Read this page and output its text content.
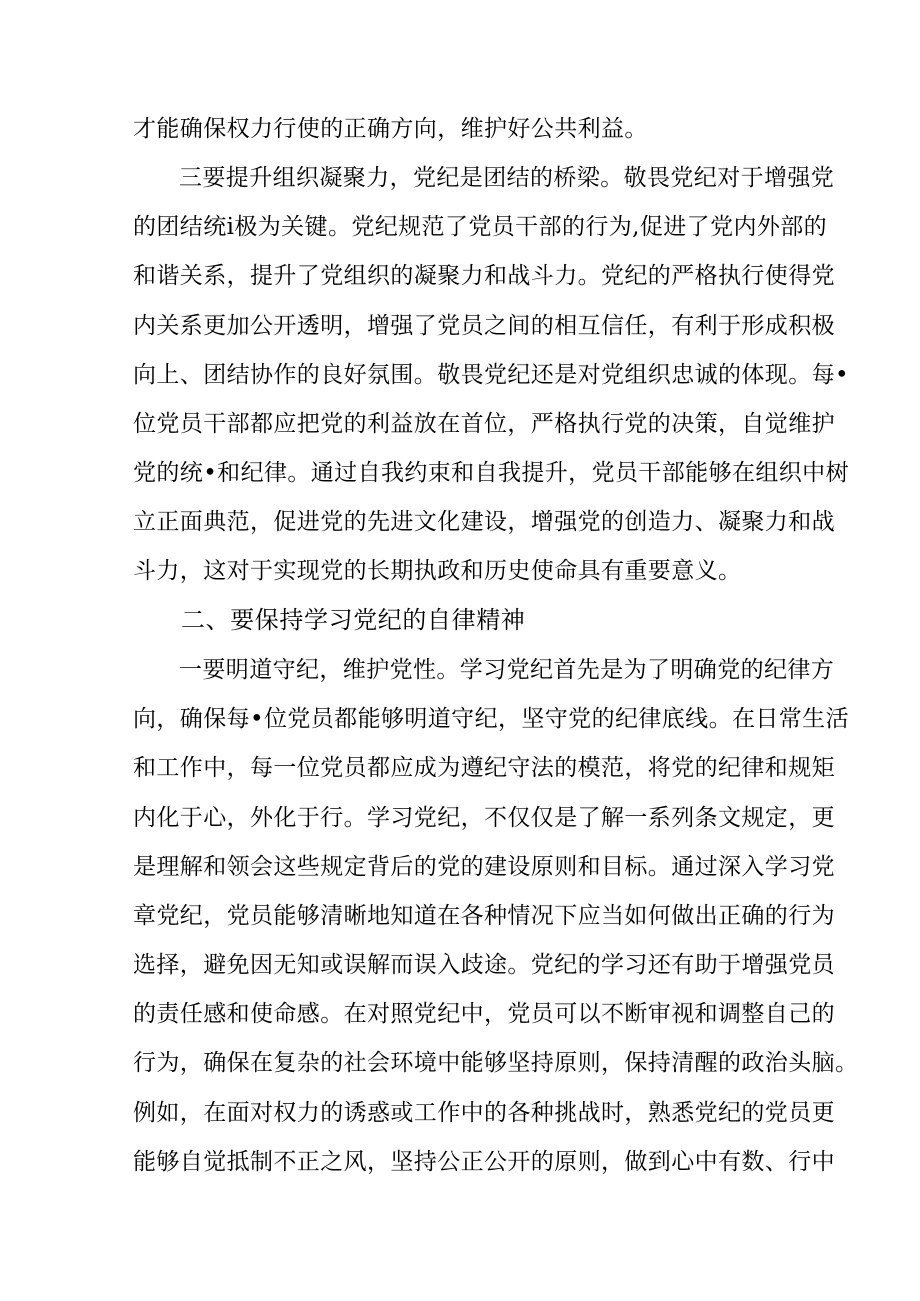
才能确保权力行使的正确方向，维护好公共利益。
三要提升组织凝聚力，党纪是团结的桥梁。敬畏党纪对于增强党
的团结统i极为关键。党纪规范了党员干部的行为,促进了党内外部的
和谐关系，提升了党组织的凝聚力和战斗力。党纪的严格执行使得党
内关系更加公开透明，增强了党员之间的相互信任，有利于形成积极
向上、团结协作的良好氛围。敬畏党纪还是对党组织忠诚的体现。每•
位党员干部都应把党的利益放在首位，严格执行党的决策，自觉维护
党的统•和纪律。通过自我约束和自我提升，党员干部能够在组织中树
立正面典范，促进党的先进文化建设，增强党的创造力、凝聚力和战
斗力，这对于实现党的长期执政和历史使命具有重要意义。
二、要保持学习党纪的自律精神
一要明道守纪，维护党性。学习党纪首先是为了明确党的纪律方
向，确保每•位党员都能够明道守纪，坚守党的纪律底线。在日常生活
和工作中，每一位党员都应成为遵纪守法的模范，将党的纪律和规矩
内化于心，外化于行。学习党纪，不仅仅是了解一系列条文规定，更
是理解和领会这些规定背后的党的建设原则和目标。通过深入学习党
章党纪，党员能够清晰地知道在各种情况下应当如何做出正确的行为
选择，避免因无知或误解而误入歧途。党纪的学习还有助于增强党员
的责任感和使命感。在对照党纪中，党员可以不断审视和调整自己的
行为，确保在复杂的社会环境中能够坚持原则，保持清醒的政治头脑。
例如，在面对权力的诱惑或工作中的各种挑战时，熟悉党纪的党员更
能够自觉抵制不正之风，坚持公正公开的原则，做到心中有数、行中
